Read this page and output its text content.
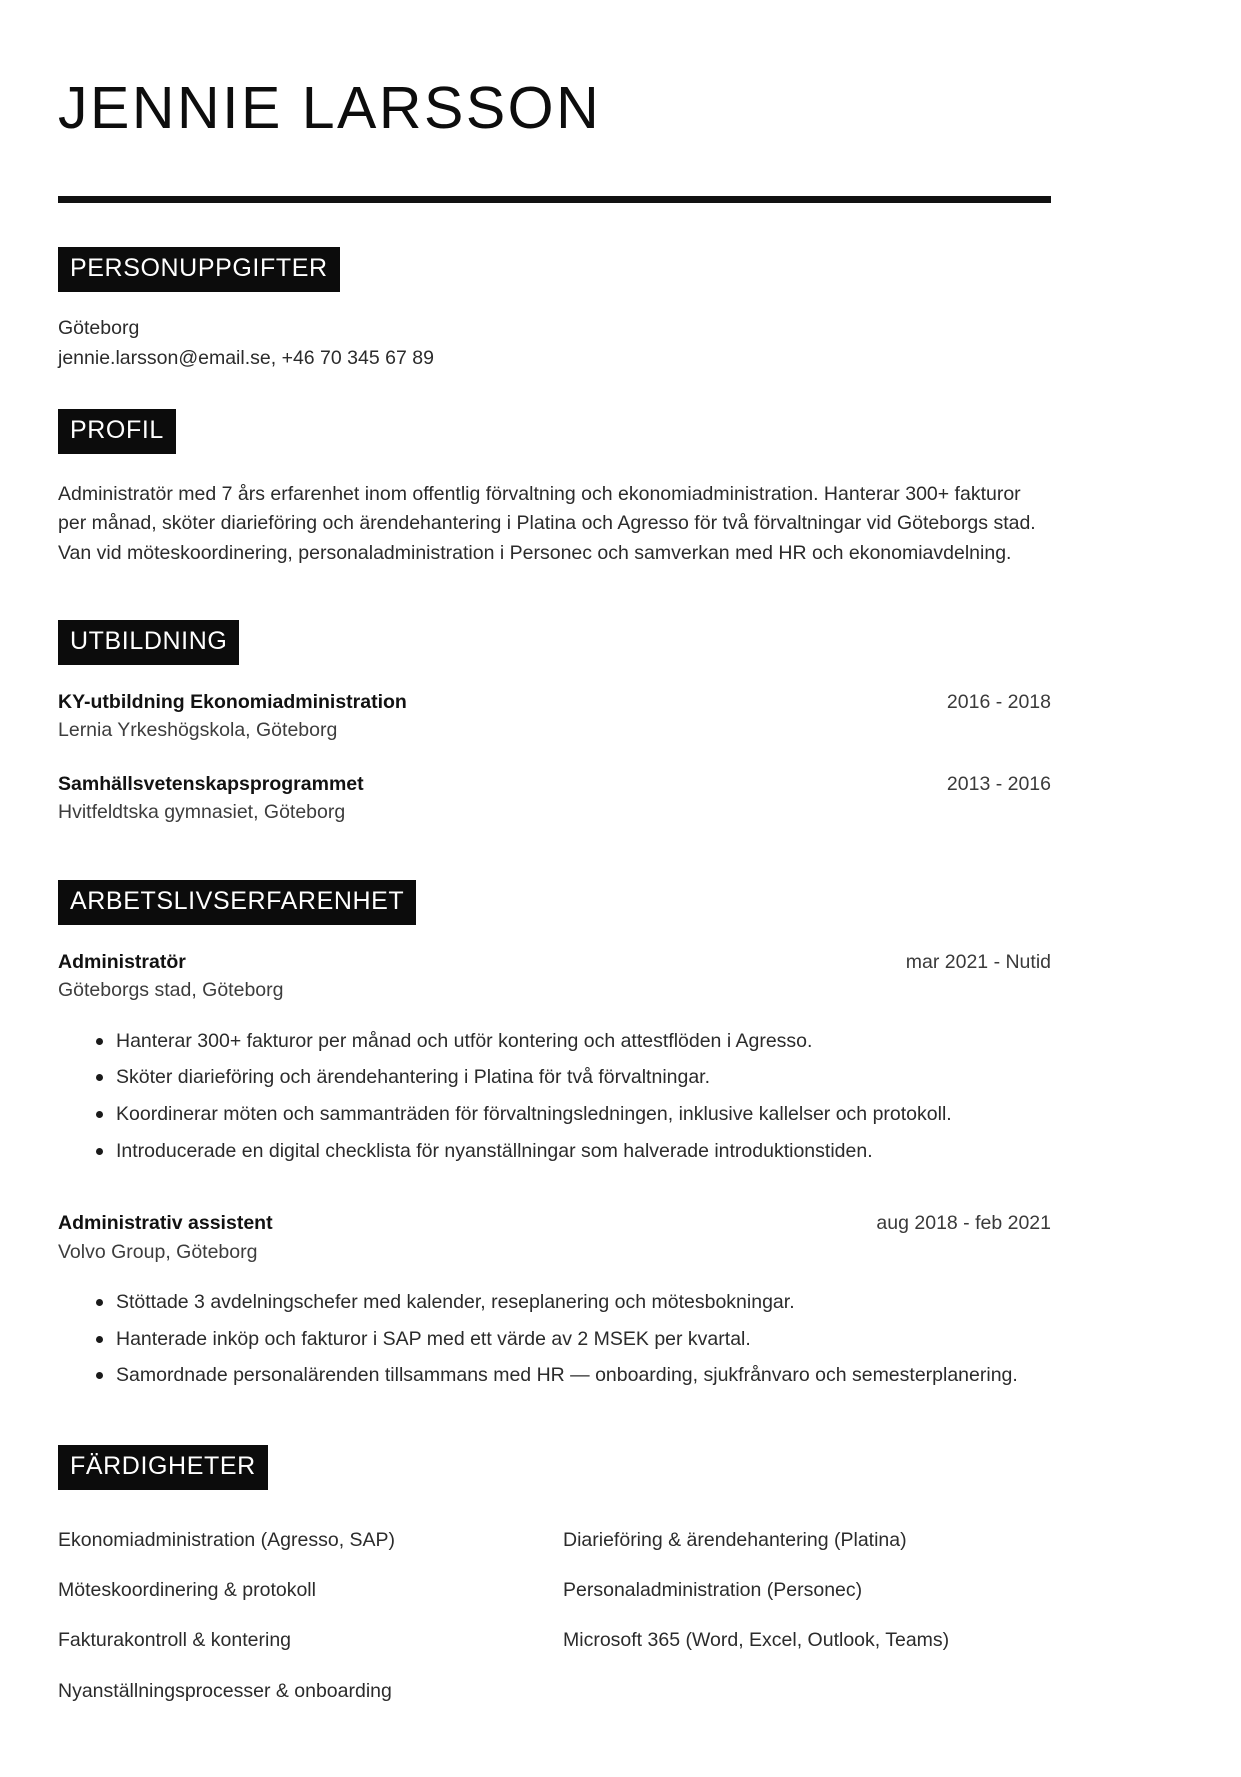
JENNIE LARSSON
PERSONUPPGIFTER
Göteborg
jennie.larsson@email.se, +46 70 345 67 89
PROFIL

Administratör med 7 års erfarenhet inom offentlig förvaltning och ekonomiadministration. Hanterar 300+ fakturor per månad, sköter diarieföring och ärendehantering i Platina och Agresso för två förvaltningar vid Göteborgs stad. Van vid möteskoordinering, personaladministration i Personec och samverkan med HR och ekonomiavdelning.

UTBILDNING
KY-utbildning Ekonomiadministration	2016 - 2018
Lernia Yrkeshögskola, Göteborg
Samhällsvetenskapsprogrammet	2013 - 2016
Hvitfeldtska gymnasiet, Göteborg
ARBETSLIVSERFARENHET
Administratör	mar 2021 - Nutid
Göteborgs stad, Göteborg
Hanterar 300+ fakturor per månad och utför kontering och attestflöden i Agresso.
Sköter diarieföring och ärendehantering i Platina för två förvaltningar.
Koordinerar möten och sammanträden för förvaltningsledningen, inklusive kallelser och protokoll.
Introducerade en digital checklista för nyanställningar som halverade introduktionstiden.
Administrativ assistent	aug 2018 - feb 2021
Volvo Group, Göteborg
Stöttade 3 avdelningschefer med kalender, reseplanering och mötesbokningar.
Hanterade inköp och fakturor i SAP med ett värde av 2 MSEK per kvartal.
Samordnade personalärenden tillsammans med HR — onboarding, sjukfrånvaro och semesterplanering.
FÄRDIGHETER
Ekonomiadministration (Agresso, SAP)	Diarieföring & ärendehantering (Platina)
Möteskoordinering & protokoll	Personaladministration (Personec)
Fakturakontroll & kontering	Microsoft 365 (Word, Excel, Outlook, Teams)
Nyanställningsprocesser & onboarding
